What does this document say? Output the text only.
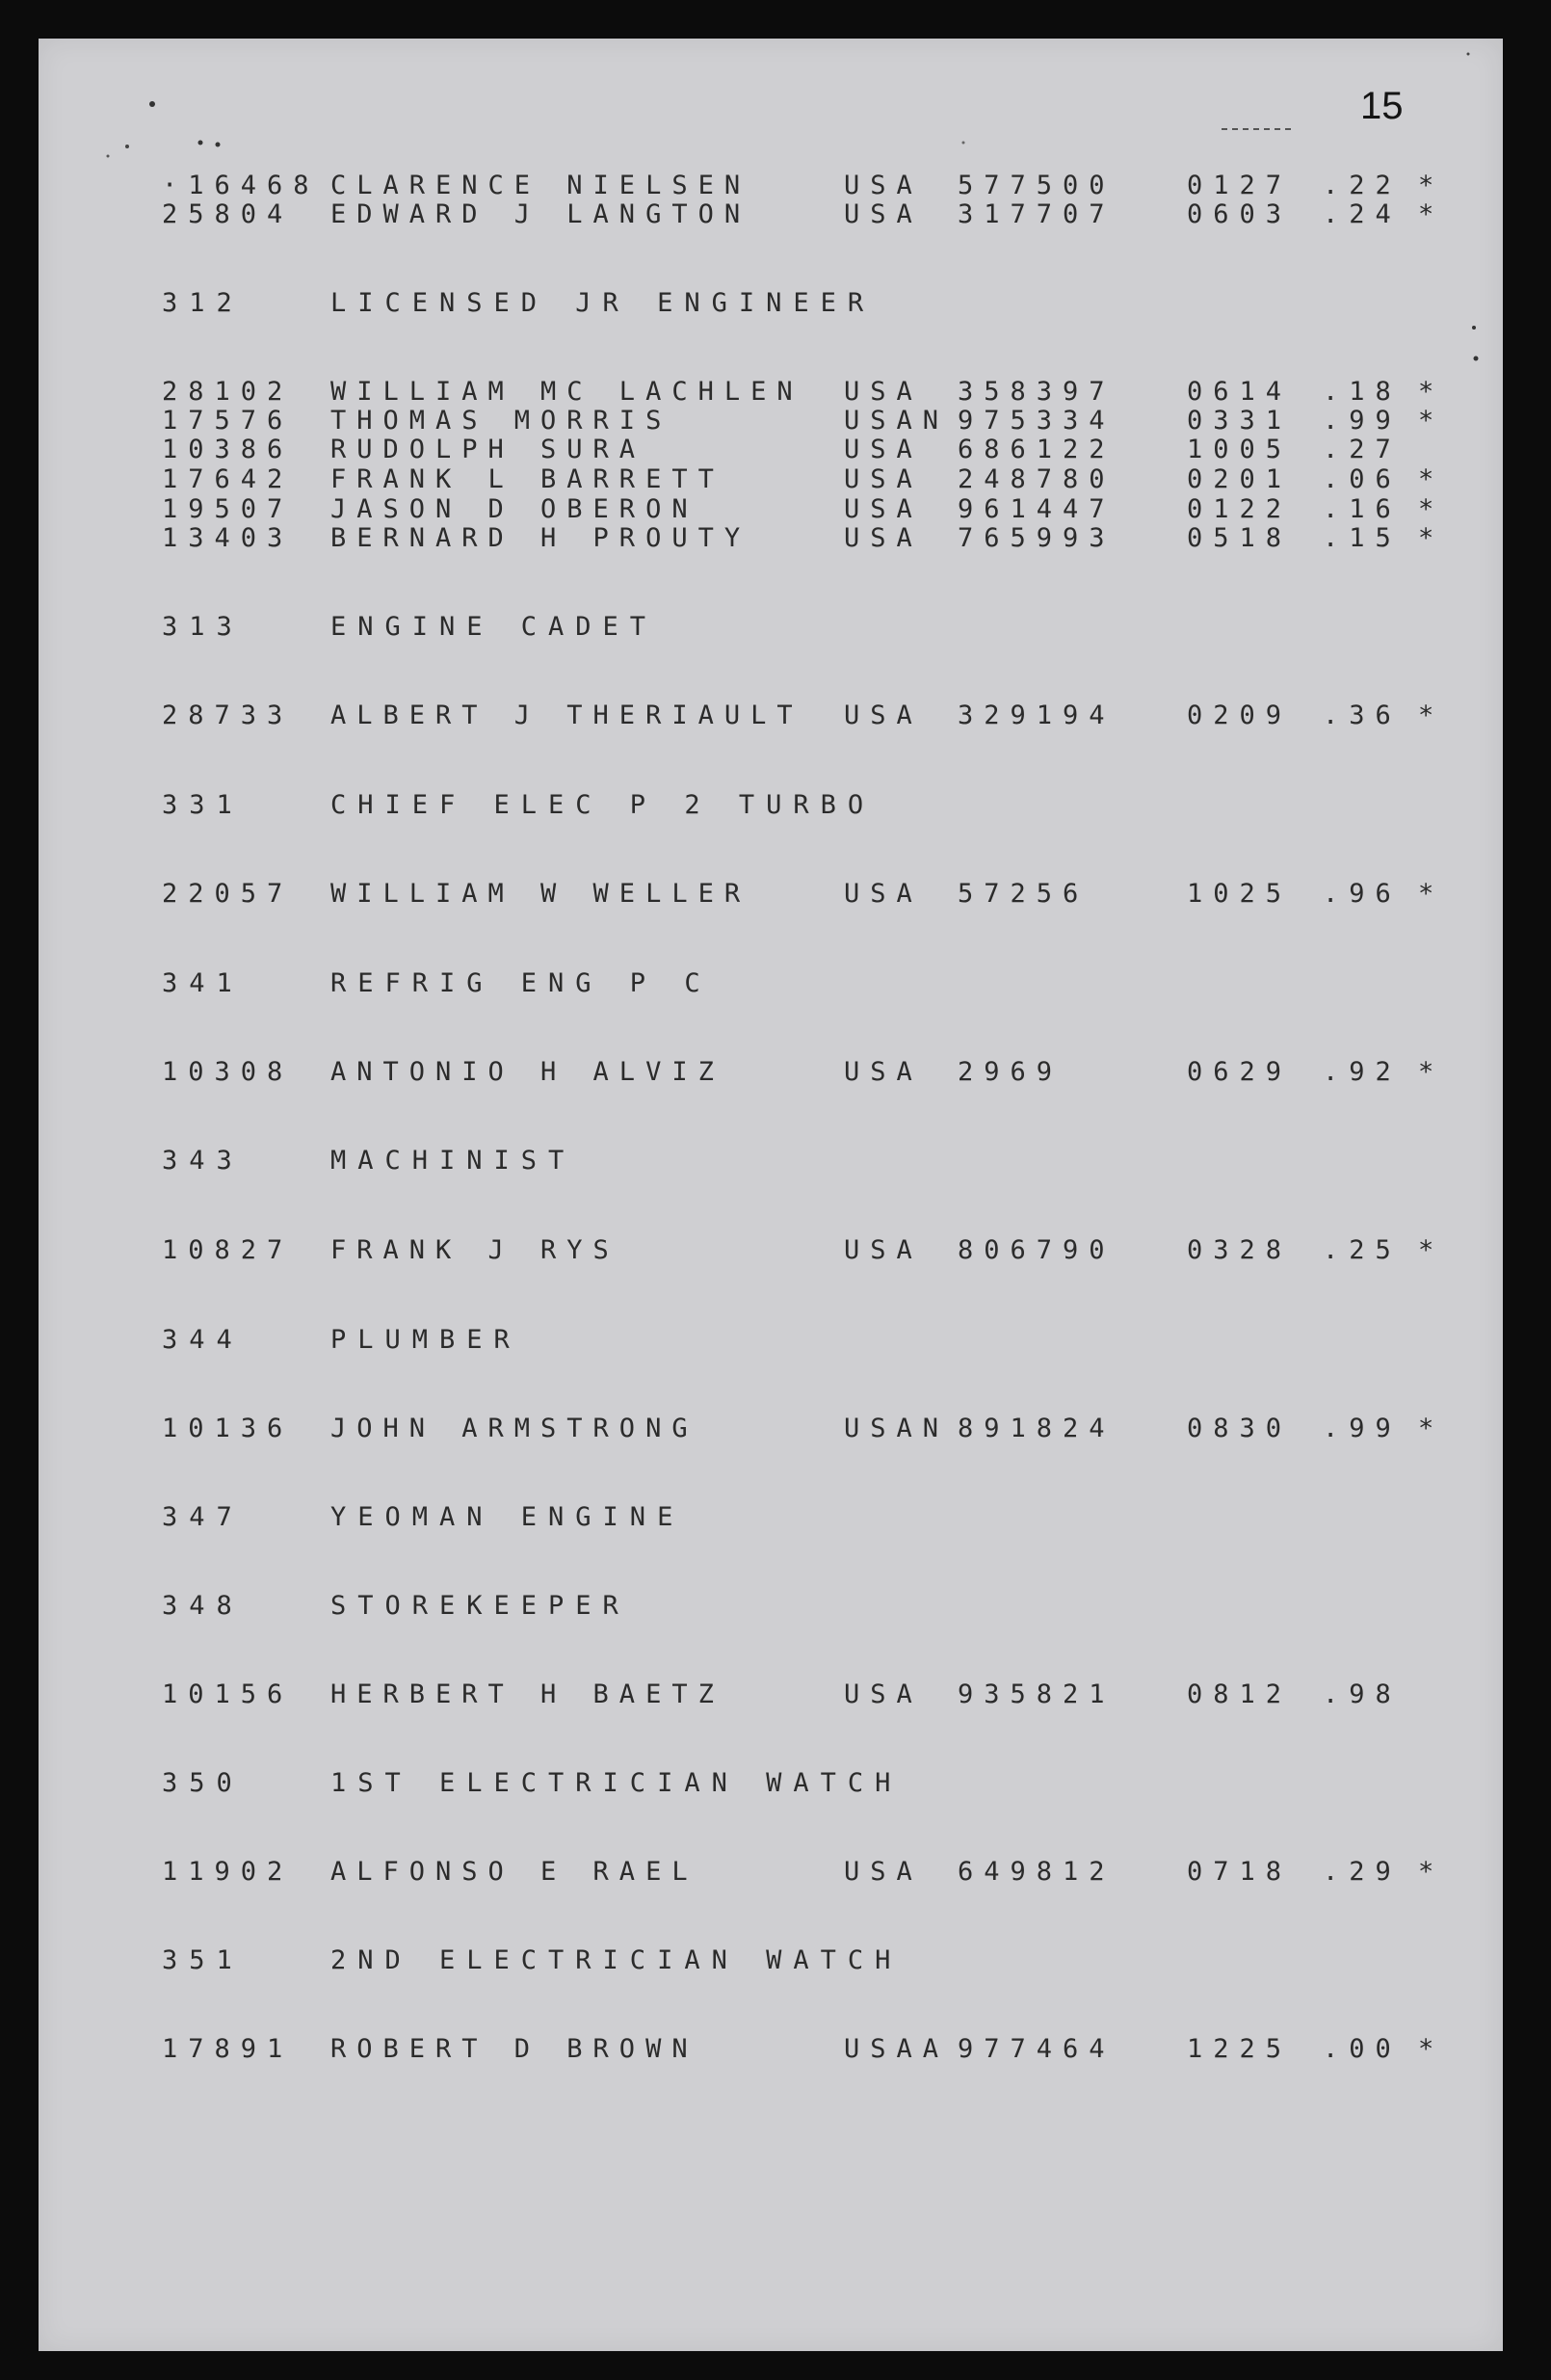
15
·16468 CLARENCE NIELSEN	USA 577500	0127 .22 *
25804 EDWARD J LANGTON	USA 317707	0603 .24 *
312	LICENSED JR ENGINEER
28102 WILLIAM MC LACHLEN USA 358397	0614 .18 *
17576 THOMAS MORRIS	USAN 975334	0331 .99 *
10386 RUDOLPH SURA	USA 686122	1005 .27
17642 FRANK L BARRETT	USA 248780	0201 .06 *
19507 JASON D OBERON	USA 961447	0122 .16 *
13403 BERNARD H PROUTY	USA 765993	0518 .15 *
313	ENGINE CADET
28733 ALBERT J THERIAULT USA 329194	0209 .36 *
331	CHIEF ELEC P 2 TURBO
22057 WILLIAM W WELLER	USA 57256	1025 .96 *
341	REFRIG ENG P C
10308 ANTONIO H ALVIZ	USA 2969	0629 .92 *
343	MACHINIST
10827 FRANK J RYS	USA 806790	0328 .25 *
344	PLUMBER
10136 JOHN ARMSTRONG	USAN 891824	0830 .99 *
347	YEOMAN ENGINE
348	STOREKEEPER
10156 HERBERT H BAETZ	USA 935821	0812 .98
350	1ST ELECTRICIAN WATCH
11902 ALFONSO E RAEL	USA 649812	0718 .29 *
351	2ND ELECTRICIAN WATCH
17891 ROBERT D BROWN	USAA 977464	1225 .00 *
